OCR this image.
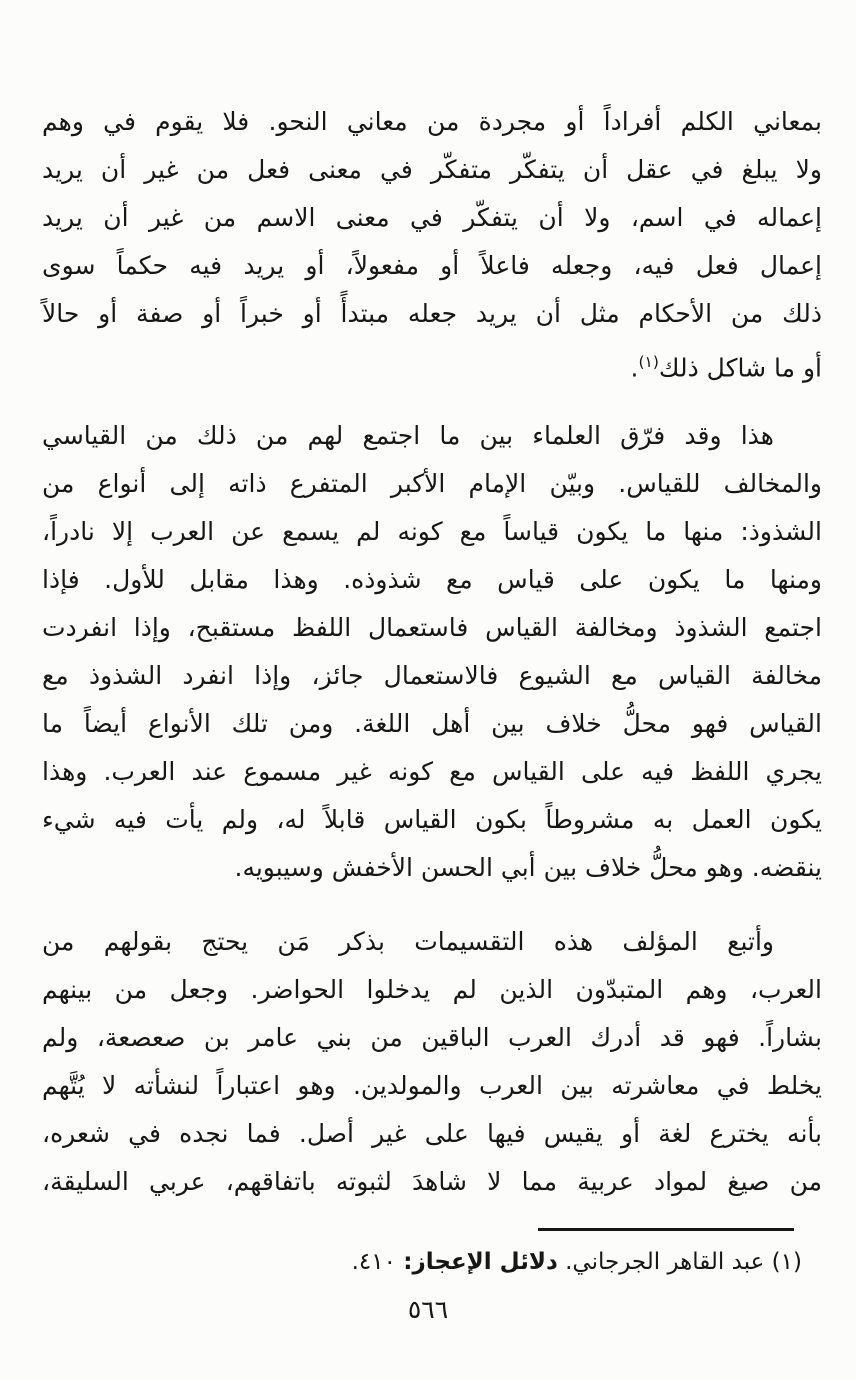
بمعاني الكلم أفراداً أو مجردة من معاني النحو. فلا يقوم في وهم
ولا يبلغ في عقل أن يتفكّر متفكّر في معنى فعل من غير أن يريد
إعماله في اسم، ولا أن يتفكّر في معنى الاسم من غير أن يريد
إعمال فعل فيه، وجعله فاعلاً أو مفعولاً، أو يريد فيه حكماً سوى
ذلك من الأحكام مثل أن يريد جعله مبتدأً أو خبراً أو صفة أو حالاً
أو ما شاكل ذلك$^{(١)}$.
هذا وقد فرّق العلماء بين ما اجتمع لهم من ذلك من القياسي
والمخالف للقياس. وبيّن الإمام الأكبر المتفرع ذاته إلى أنواع من
الشذوذ: منها ما يكون قياساً مع كونه لم يسمع عن العرب إلا نادراً،
ومنها ما يكون على قياس مع شذوذه. وهذا مقابل للأول. فإذا
اجتمع الشذوذ ومخالفة القياس فاستعمال اللفظ مستقبح، وإذا انفردت
مخالفة القياس مع الشيوع فالاستعمال جائز، وإذا انفرد الشذوذ مع
القياس فهو محلُّ خلاف بين أهل اللغة. ومن تلك الأنواع أيضاً ما
يجري اللفظ فيه على القياس مع كونه غير مسموع عند العرب. وهذا
يكون العمل به مشروطاً بكون القياس قابلاً له، ولم يأت فيه شيء
ينقضه. وهو محلُّ خلاف بين أبي الحسن الأخفش وسيبويه.
وأتبع المؤلف هذه التقسيمات بذكر مَن يحتج بقولهم من
العرب، وهم المتبدّون الذين لم يدخلوا الحواضر. وجعل من بينهم
بشاراً. فهو قد أدرك العرب الباقين من بني عامر بن صعصعة، ولم
يخلط في معاشرته بين العرب والمولدين. وهو اعتباراً لنشأته لا يُتَّهم
بأنه يخترع لغة أو يقيس فيها على غير أصل. فما نجده في شعره،
من صيغ لمواد عربية مما لا شاهدَ لثبوته باتفاقهم، عربي السليقة،
(١) عبد القاهر الجرجاني. دلائل الإعجاز: ٤١٠.
٥٦٦
